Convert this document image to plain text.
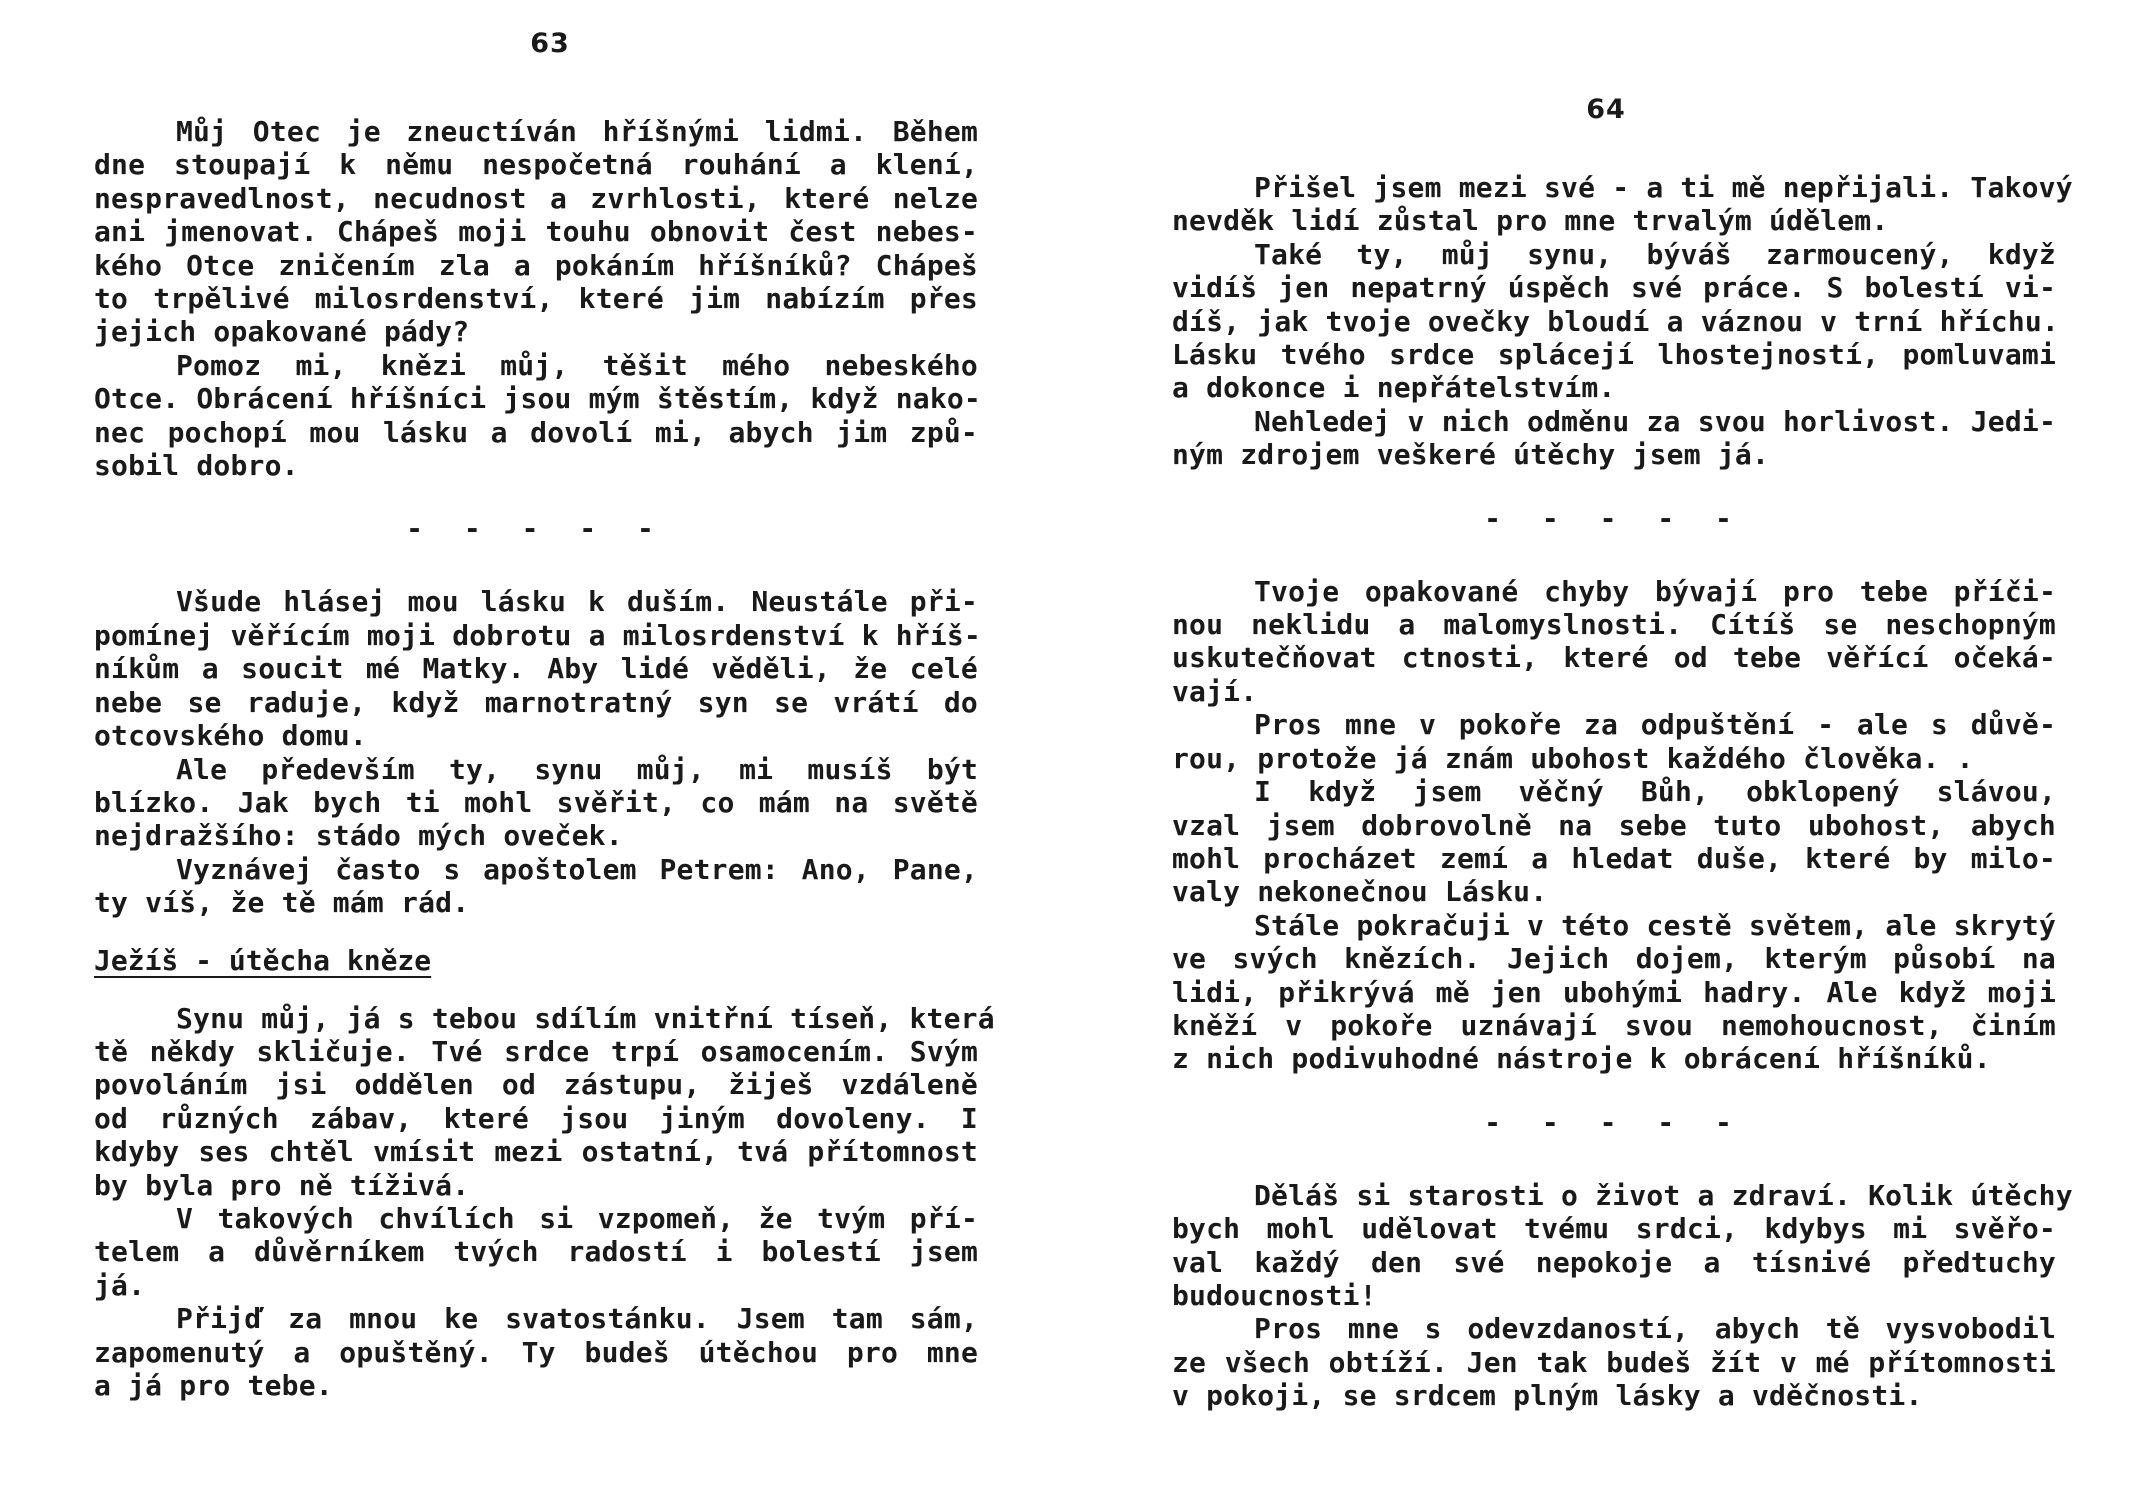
63
Můj Otec je zneuctíván hříšnými lidmi. Během
dne stoupají k němu nespočetná rouhání a klení,
nespravedlnost, necudnost a zvrhlosti, které nelze
ani jmenovat. Chápeš moji touhu obnovit čest nebes-
kého Otce zničením zla a pokáním hříšníků? Chápeš
to trpělivé milosrdenství, které jim nabízím přes
jejich opakované pády?
Pomoz mi, knězi můj, těšit mého nebeského
Otce. Obrácení hříšníci jsou mým štěstím, když nako-
nec pochopí mou lásku a dovolí mi, abych jim způ-
sobil dobro.
- - - - -
Všude hlásej mou lásku k duším. Neustále při-
pomínej věřícím moji dobrotu a milosrdenství k hříš-
níkům a soucit mé Matky. Aby lidé věděli, že celé
nebe se raduje, když marnotratný syn se vrátí do
otcovského domu.
Ale především ty, synu můj, mi musíš být
blízko. Jak bych ti mohl svěřit, co mám na světě
nejdražšího: stádo mých oveček.
Vyznávej často s apoštolem Petrem: Ano, Pane,
ty víš, že tě mám rád.
Ježíš - útěcha kněze
Synu můj, já s tebou sdílím vnitřní tíseň, která
tě někdy skličuje. Tvé srdce trpí osamocením. Svým
povoláním jsi oddělen od zástupu, žiješ vzdáleně
od různých zábav, které jsou jiným dovoleny. I
kdyby ses chtěl vmísit mezi ostatní, tvá přítomnost
by byla pro ně tíživá.
V takových chvílích si vzpomeň, že tvým pří-
telem a důvěrníkem tvých radostí i bolestí jsem
já.
Přijď za mnou ke svatostánku. Jsem tam sám,
zapomenutý a opuštěný. Ty budeš útěchou pro mne
a já pro tebe.
64
Přišel jsem mezi své - a ti mě nepřijali. Takový
nevděk lidí zůstal pro mne trvalým údělem.
Také ty, můj synu, býváš zarmoucený, když
vidíš jen nepatrný úspěch své práce. S bolestí vi-
díš, jak tvoje ovečky bloudí a váznou v trní hříchu.
Lásku tvého srdce splácejí lhostejností, pomluvami
a dokonce i nepřátelstvím.
Nehledej v nich odměnu za svou horlivost. Jedi-
ným zdrojem veškeré útěchy jsem já.
- - - - -
Tvoje opakované chyby bývají pro tebe příči-
nou neklidu a malomyslnosti. Cítíš se neschopným
uskutečňovat ctnosti, které od tebe věřící očeká-
vají.
Pros mne v pokoře za odpuštění - ale s důvě-
rou, protože já znám ubohost každého člověka. .
I když jsem věčný Bůh, obklopený slávou,
vzal jsem dobrovolně na sebe tuto ubohost, abych
mohl procházet zemí a hledat duše, které by milo-
valy nekonečnou Lásku.
Stále pokračuji v této cestě světem, ale skrytý
ve svých knězích. Jejich dojem, kterým působí na
lidi, přikrývá mě jen ubohými hadry. Ale když moji
kněží v pokoře uznávají svou nemohoucnost, činím
z nich podivuhodné nástroje k obrácení hříšníků.
- - - - -
Děláš si starosti o život a zdraví. Kolik útěchy
bych mohl udělovat tvému srdci, kdybys mi svěřo-
val každý den své nepokoje a tísnivé předtuchy
budoucnosti!
Pros mne s odevzdaností, abych tě vysvobodil
ze všech obtíží. Jen tak budeš žít v mé přítomnosti
v pokoji, se srdcem plným lásky a vděčnosti.
